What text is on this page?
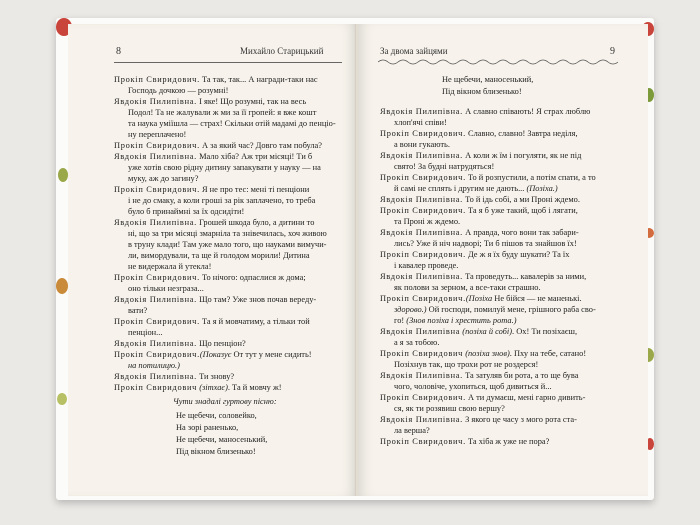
8	Михайло Старицький
Прокіп Свиридович. Та так, так... А награди-таки нас
Господь дочкою — розумні!
Явдокія Пилипівна. І яке! Що розумні, так на весь
Подол! Та не жалували ж ми за її гропей: я вже кошт
та наука уміїшла — страх! Скільки отій мадамі до пенціо-
ну переплачено!
Прокіп Свиридович. А за який час? Довго там побула?
Явдокія Пилипівна. Мало хіба? Аж три місяці! Ти б
уже хотів свою рідну дитину запакувати у науку — на
муку, аж до загину?
Прокіп Свиридович. Я не про тес: мені ті пенціони
і не до смаку, а коли гроші за рік заплачено, то треба
було б принаймні за їх одсидіти!
Явдокія Пилипівна. Грошей шкода було, а дитини то
ні, що за три місяці змарніла та знівечилась, хоч живою
в труну клади! Там уже мало того, що науками вимучи-
ли, вимордували, та ще й голодом морили! Дитина
не видержала й утекла!
Прокіп Свиридович. То нічого: одпаслися ж дома;
оно тільки незграза...
Явдокія Пилипівна. Що там? Уже знов почав вереду-
вати?
Прокіп Свиридович. Та я й мовчатиму, а тільки той
пенціон...
Явдокія Пилипівна. Що пенціон?
Прокіп Свиридович.(Показує От тут у мене сидить!
на потилицю.)
Явдокія Пилипівна. Ти знову?
Прокіп Свиридович (зітхає). Та й мовчу ж!
Чути знадалі гуртову пісню:
Не щебечи, соловейко,
На зорі раненько,
Не щебечи, маносенький,
Під вікном близенько!
За двома зайцями	9
Не щебечи, маносенький,
Під вікном близенько!
Явдокія Пилипівна. А славно співають! Я страх люблю
хлоп'ячі співи!
Прокіп Свиридович. Славно, славно! Завтра неділя,
а вони гукають.
Явдокія Пилипівна. А коли ж їм і погуляти, як не під
свято! За будні натрудяться!
Прокіп Свиридович. То й розпустили, а потім спати, а то
й самі не сплять і другим не дають... (Позіха.)
Явдокія Пилипівна. То й ідь собі, а ми Проні ждемо.
Прокіп Свиридович. Та я б уже такий, щоб і лягати,
та Проні ж ждемо.
Явдокія Пилипівна. А правда, чого вони так забари-
лись? Уже й ніч надворі; Ти б пішов та знайшов їх!
Прокіп Свиридович. Де ж я їх буду шукати? Та їх
і кавалер проведе.
Явдокія Пилипівна. Та проведуть... кавалерів за ними,
як полови за зерном, а все-таки страшно.
Прокіп Свиридович.(Позіха Не бійся — не маненькі.
здорово.) Ой господи, помилуй мене, грішного раба сво-
го! (Знов позіха і хрестить рота.)
Явдокія Пилипівна (позіха й собі). Ох! Ти позіхаєш,
а я за тобою.
Прокіп Свиридович (позіха знов). Пху на тебе, сатано!
Позіхнув так, що трохи рот не роздерся!
Явдокія Пилипівна. Та затуляв би рота, а то ще бува
чого, чоловіче, ухопиться, щоб дивиться й...
Прокіп Свиридович. А ти думаєш, мені гарно дивить-
ся, як ти розявиш свою вершу?
Явдокія Пилипівна. З якого це часу з мого рота ста-
ла верша?
Прокіп Свиридович. Та хіба ж уже не пора?
